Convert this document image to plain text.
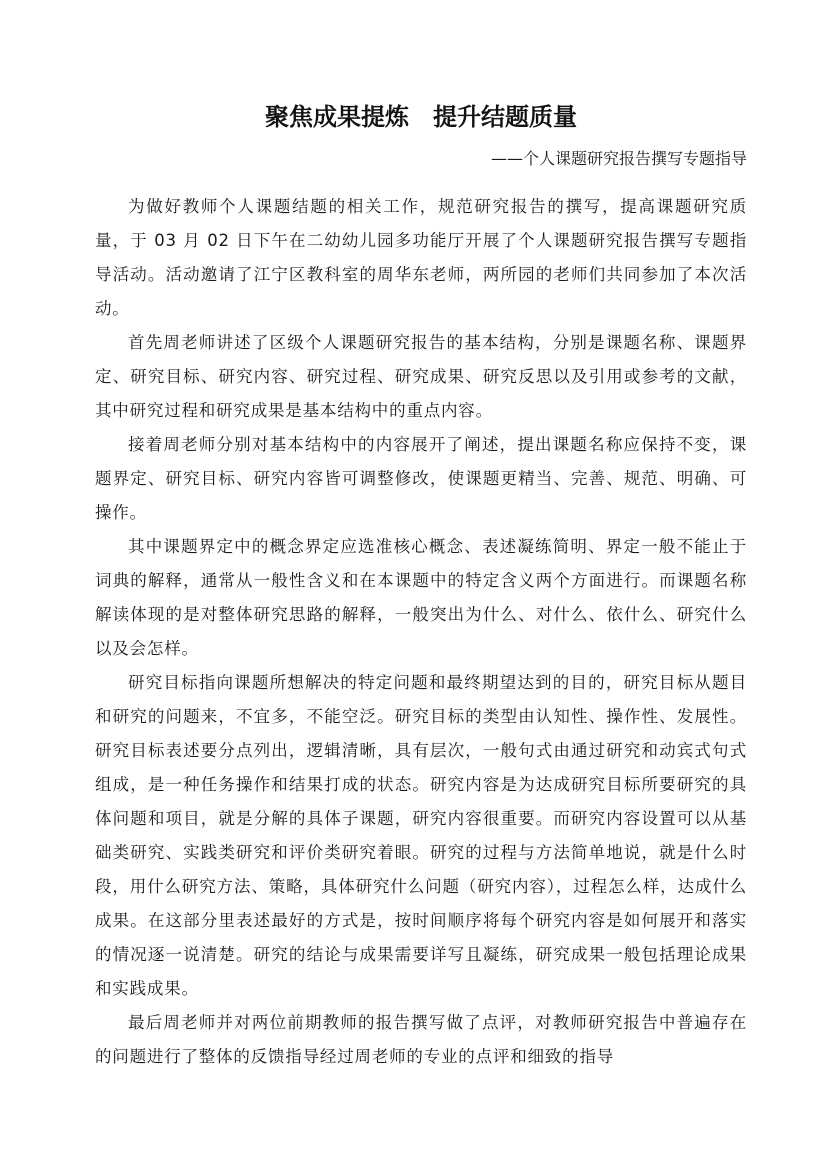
聚焦成果提炼　提升结题质量
——个人课题研究报告撰写专题指导

为做好教师个人课题结题的相关工作，规范研究报告的撰写，提高课题研究质量，于 03 月 02 日下午在二幼幼儿园多功能厅开展了个人课题研究报告撰写专题指导活动。活动邀请了江宁区教科室的周华东老师，两所园的老师们共同参加了本次活动。

首先周老师讲述了区级个人课题研究报告的基本结构，分别是课题名称、课题界定、研究目标、研究内容、研究过程、研究成果、研究反思以及引用或参考的文献，其中研究过程和研究成果是基本结构中的重点内容。

接着周老师分别对基本结构中的内容展开了阐述，提出课题名称应保持不变，课题界定、研究目标、研究内容皆可调整修改，使课题更精当、完善、规范、明确、可操作。

其中课题界定中的概念界定应选准核心概念、表述凝练简明、界定一般不能止于词典的解释，通常从一般性含义和在本课题中的特定含义两个方面进行。而课题名称解读体现的是对整体研究思路的解释，一般突出为什么、对什么、依什么、研究什么以及会怎样。

研究目标指向课题所想解决的特定问题和最终期望达到的目的，研究目标从题目和研究的问题来，不宜多，不能空泛。研究目标的类型由认知性、操作性、发展性。研究目标表述要分点列出，逻辑清晰，具有层次，一般句式由通过研究和动宾式句式组成，是一种任务操作和结果打成的状态。研究内容是为达成研究目标所要研究的具体问题和项目，就是分解的具体子课题，研究内容很重要。而研究内容设置可以从基础类研究、实践类研究和评价类研究着眼。研究的过程与方法简单地说，就是什么时段，用什么研究方法、策略，具体研究什么问题（研究内容），过程怎么样，达成什么成果。在这部分里表述最好的方式是，按时间顺序将每个研究内容是如何展开和落实的情况逐一说清楚。研究的结论与成果需要详写且凝练，研究成果一般包括理论成果和实践成果。

最后周老师并对两位前期教师的报告撰写做了点评，对教师研究报告中普遍存在的问题进行了整体的反馈指导经过周老师的专业的点评和细致的指导
